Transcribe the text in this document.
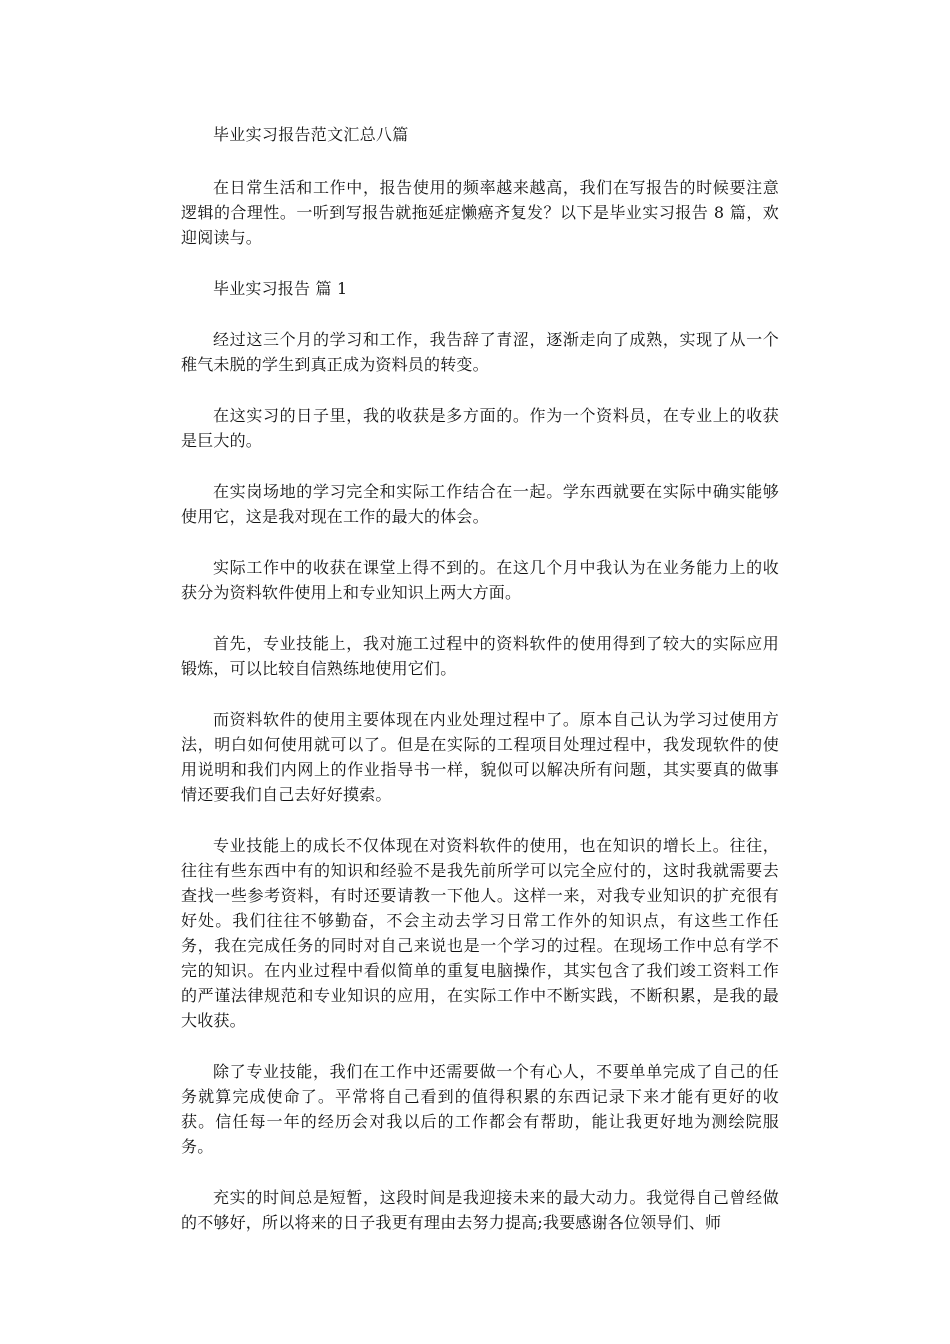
毕业实习报告范文汇总八篇

在日常生活和工作中，报告使用的频率越来越高，我们在写报告的时候要注意逻辑的合理性。一听到写报告就拖延症懒癌齐复发？以下是毕业实习报告 8 篇，欢迎阅读与。

毕业实习报告 篇 1

经过这三个月的学习和工作，我告辞了青涩，逐渐走向了成熟，实现了从一个稚气未脱的学生到真正成为资料员的转变。

在这实习的日子里，我的收获是多方面的。作为一个资料员，在专业上的收获是巨大的。

在实岗场地的学习完全和实际工作结合在一起。学东西就要在实际中确实能够使用它，这是我对现在工作的最大的体会。

实际工作中的收获在课堂上得不到的。在这几个月中我认为在业务能力上的收获分为资料软件使用上和专业知识上两大方面。

首先，专业技能上，我对施工过程中的资料软件的使用得到了较大的实际应用锻炼，可以比较自信熟练地使用它们。

而资料软件的使用主要体现在内业处理过程中了。原本自己认为学习过使用方法，明白如何使用就可以了。但是在实际的工程项目处理过程中，我发现软件的使用说明和我们内网上的作业指导书一样，貌似可以解决所有问题，其实要真的做事情还要我们自己去好好摸索。

专业技能上的成长不仅体现在对资料软件的使用，也在知识的增长上。往往，往往有些东西中有的知识和经验不是我先前所学可以完全应付的，这时我就需要去查找一些参考资料，有时还要请教一下他人。这样一来，对我专业知识的扩充很有好处。我们往往不够勤奋，不会主动去学习日常工作外的知识点，有这些工作任务，我在完成任务的同时对自己来说也是一个学习的过程。在现场工作中总有学不完的知识。在内业过程中看似简单的重复电脑操作，其实包含了我们竣工资料工作的严谨法律规范和专业知识的应用，在实际工作中不断实践，不断积累，是我的最大收获。

除了专业技能，我们在工作中还需要做一个有心人，不要单单完成了自己的任务就算完成使命了。平常将自己看到的值得积累的东西记录下来才能有更好的收获。信任每一年的经历会对我以后的工作都会有帮助，能让我更好地为测绘院服务。

充实的时间总是短暂，这段时间是我迎接未来的最大动力。我觉得自己曾经做的不够好，所以将来的日子我更有理由去努力提高;我要感谢各位领导们、师
